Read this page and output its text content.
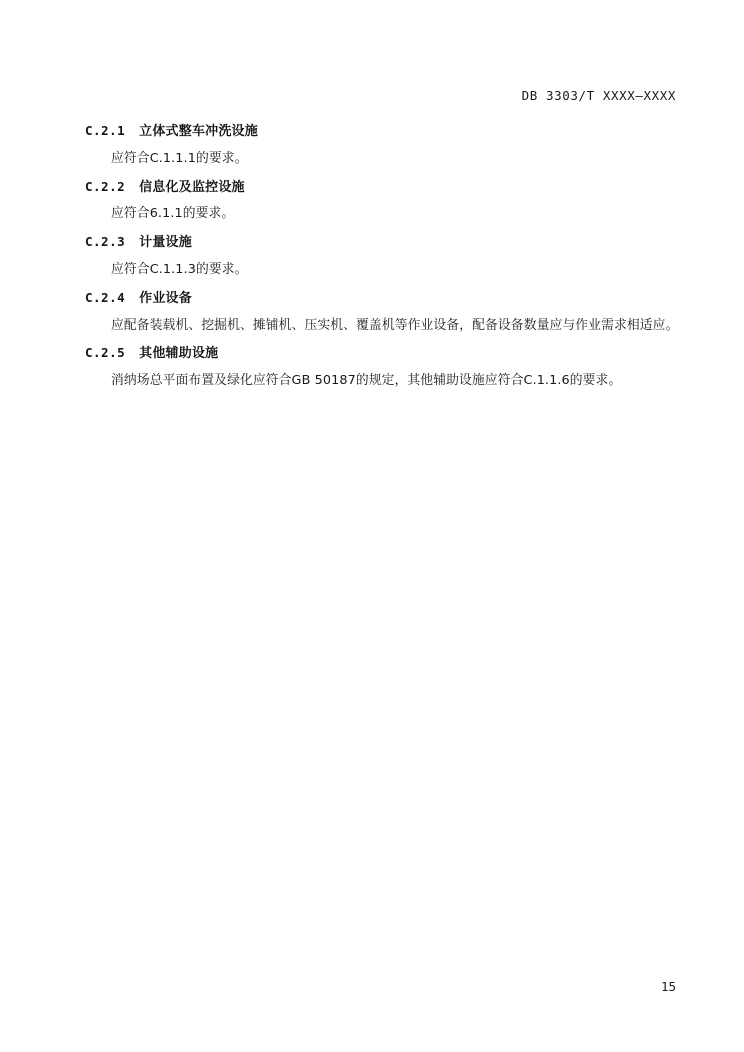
DB 3303/T XXXX—XXXX
C.2.1 立体式整车冲洗设施
应符合C.1.1.1的要求。
C.2.2 信息化及监控设施
应符合6.1.1的要求。
C.2.3 计量设施
应符合C.1.1.3的要求。
C.2.4 作业设备
应配备装载机、挖掘机、摊铺机、压实机、覆盖机等作业设备，配备设备数量应与作业需求相适应。
C.2.5 其他辅助设施
消纳场总平面布置及绿化应符合GB 50187的规定，其他辅助设施应符合C.1.1.6的要求。
15
